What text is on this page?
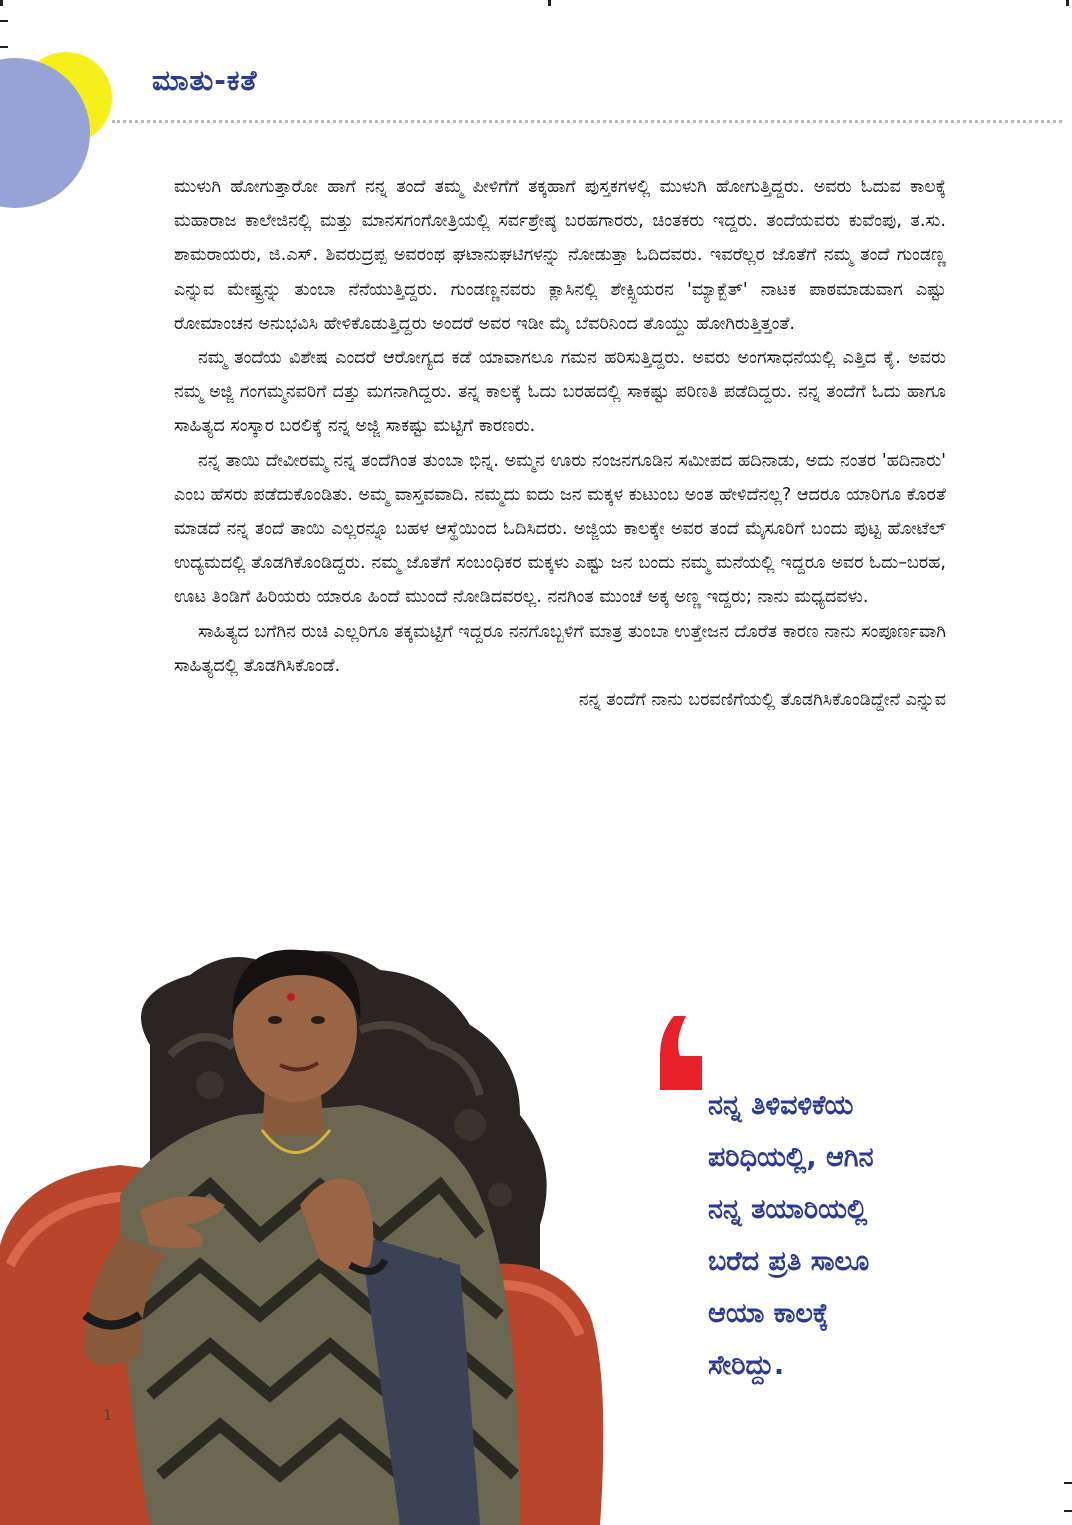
ಮಾತು-ಕತೆ

ಮುಳುಗಿ ಹೋಗುತ್ತಾರೋ ಹಾಗೆ ನನ್ನ ತಂದೆ ತಮ್ಮ ಪೀಳಿಗೆಗೆ ತಕ್ಕಹಾಗೆ ಪುಸ್ತಕಗಳಲ್ಲಿ ಮುಳುಗಿ ಹೋಗುತ್ತಿದ್ದರು. ಅವರು ಓದುವ ಕಾಲಕ್ಕೆ ಮಹಾರಾಜ ಕಾಲೇಜಿನಲ್ಲಿ ಮತ್ತು ಮಾನಸಗಂಗೋತ್ರಿಯಲ್ಲಿ ಸರ್ವಶ್ರೇಷ್ಠ ಬರಹಗಾರರು, ಚಿಂತಕರು ಇದ್ದರು. ತಂದೆಯವರು ಕುವೆಂಪು, ತ.ಸು. ಶಾಮರಾಯರು, ಜಿ.ಎಸ್. ಶಿವರುದ್ರಪ್ಪ ಅವರಂಥ ಘಟಾನುಘಟಿಗಳನ್ನು ನೋಡುತ್ತಾ ಓದಿದವರು. ಇವರೆಲ್ಲರ ಜೊತೆಗೆ ನಮ್ಮ ತಂದೆ ಗುಂಡಣ್ಣ ಎನ್ನುವ ಮೇಷ್ಟ್ರನ್ನು ತುಂಬಾ ನೆನೆಯುತ್ತಿದ್ದರು. ಗುಂಡಣ್ಣನವರು ಕ್ಲಾಸಿನಲ್ಲಿ ಶೇಕ್ಸ್ಪಿಯರನ 'ಮ್ಯಾಕ್ಬೆತ್' ನಾಟಕ ಪಾಠಮಾಡುವಾಗ ಎಷ್ಟು ರೋಮಾಂಚನ ಅನುಭವಿಸಿ ಹೇಳಿಕೊಡುತ್ತಿದ್ದರು ಅಂದರೆ ಅವರ ಇಡೀ ಮೈ ಬೆವರಿನಿಂದ ತೊಯ್ದು ಹೋಗಿರುತ್ತಿತ್ತಂತೆ.

ನಮ್ಮ ತಂದೆಯ ವಿಶೇಷ ಎಂದರೆ ಆರೋಗ್ಯದ ಕಡೆ ಯಾವಾಗಲೂ ಗಮನ ಹರಿಸುತ್ತಿದ್ದರು. ಅವರು ಅಂಗಸಾಧನೆಯಲ್ಲಿ ಎತ್ತಿದ ಕೈ. ಅವರು ನಮ್ಮ ಅಜ್ಜಿ ಗಂಗಮ್ಮನವರಿಗೆ ದತ್ತು ಮಗನಾಗಿದ್ದರು. ತನ್ನ ಕಾಲಕ್ಕೆ ಓದು ಬರಹದಲ್ಲಿ ಸಾಕಷ್ಟು ಪರಿಣತಿ ಪಡೆದಿದ್ದರು. ನನ್ನ ತಂದೆಗೆ ಓದು ಹಾಗೂ ಸಾಹಿತ್ಯದ ಸಂಸ್ಕಾರ ಬರಲಿಕ್ಕೆ ನನ್ನ ಅಜ್ಜಿ ಸಾಕಷ್ಟು ಮಟ್ಟಿಗೆ ಕಾರಣರು.

ನನ್ನ ತಾಯಿ ದೇವೀರಮ್ಮ ನನ್ನ ತಂದೆಗಿಂತ ತುಂಬಾ ಭಿನ್ನ. ಅಮ್ಮನ ಊರು ನಂಜನಗೂಡಿನ ಸಮೀಪದ ಹದಿನಾಡು, ಅದು ನಂತರ 'ಹದಿನಾರು' ಎಂಬ ಹೆಸರು ಪಡೆದುಕೊಂಡಿತು. ಅಮ್ಮ ವಾಸ್ತವವಾದಿ. ನಮ್ಮದು ಐದು ಜನ ಮಕ್ಕಳ ಕುಟುಂಬ ಅಂತ ಹೇಳಿದೆನಲ್ಲ? ಆದರೂ ಯಾರಿಗೂ ಕೊರತೆ ಮಾಡದೆ ನನ್ನ ತಂದೆ ತಾಯಿ ಎಲ್ಲರನ್ನೂ ಬಹಳ ಆಸ್ಥೆಯಿಂದ ಓದಿಸಿದರು. ಅಜ್ಜಿಯ ಕಾಲಕ್ಕೇ ಅವರ ತಂದೆ ಮೈಸೂರಿಗೆ ಬಂದು ಪುಟ್ಟ ಹೋಟೆಲ್ ಉದ್ಯಮದಲ್ಲಿ ತೊಡಗಿಕೊಂಡಿದ್ದರು. ನಮ್ಮ ಜೊತೆಗೆ ಸಂಬಂಧಿಕರ ಮಕ್ಕಳು ಎಷ್ಟು ಜನ ಬಂದು ನಮ್ಮ ಮನೆಯಲ್ಲಿ ಇದ್ದರೂ ಅವರ ಓದು–ಬರಹ, ಊಟ ತಿಂಡಿಗೆ ಹಿರಿಯರು ಯಾರೂ ಹಿಂದೆ ಮುಂದೆ ನೋಡಿದವರಲ್ಲ. ನನಗಿಂತ ಮುಂಚೆ ಅಕ್ಕ ಅಣ್ಣ ಇದ್ದರು; ನಾನು ಮಧ್ಯದವಳು.

ಸಾಹಿತ್ಯದ ಬಗೆಗಿನ ರುಚಿ ಎಲ್ಲರಿಗೂ ತಕ್ಕಮಟ್ಟಿಗೆ ಇದ್ದರೂ ನನಗೊಬ್ಬಳಿಗೆ ಮಾತ್ರ ತುಂಬಾ ಉತ್ತೇಜನ ದೊರೆತ ಕಾರಣ ನಾನು ಸಂಪೂರ್ಣವಾಗಿ ಸಾಹಿತ್ಯದಲ್ಲಿ ತೊಡಗಿಸಿಕೊಂಡೆ.

ನನ್ನ ತಂದೆಗೆ ನಾನು ಬರವಣಿಗೆಯಲ್ಲಿ ತೊಡಗಿಸಿಕೊಂಡಿದ್ದೇನೆ ಎನ್ನುವ

ನನ್ನ ತಿಳಿವಳಿಕೆಯ
ಪರಿಧಿಯಲ್ಲಿ, ಆಗಿನ
ನನ್ನ ತಯಾರಿಯಲ್ಲಿ
ಬರೆದ ಪ್ರತಿ ಸಾಲೂ
ಆಯಾ ಕಾಲಕ್ಕೆ
ಸೇರಿದ್ದು.
1
